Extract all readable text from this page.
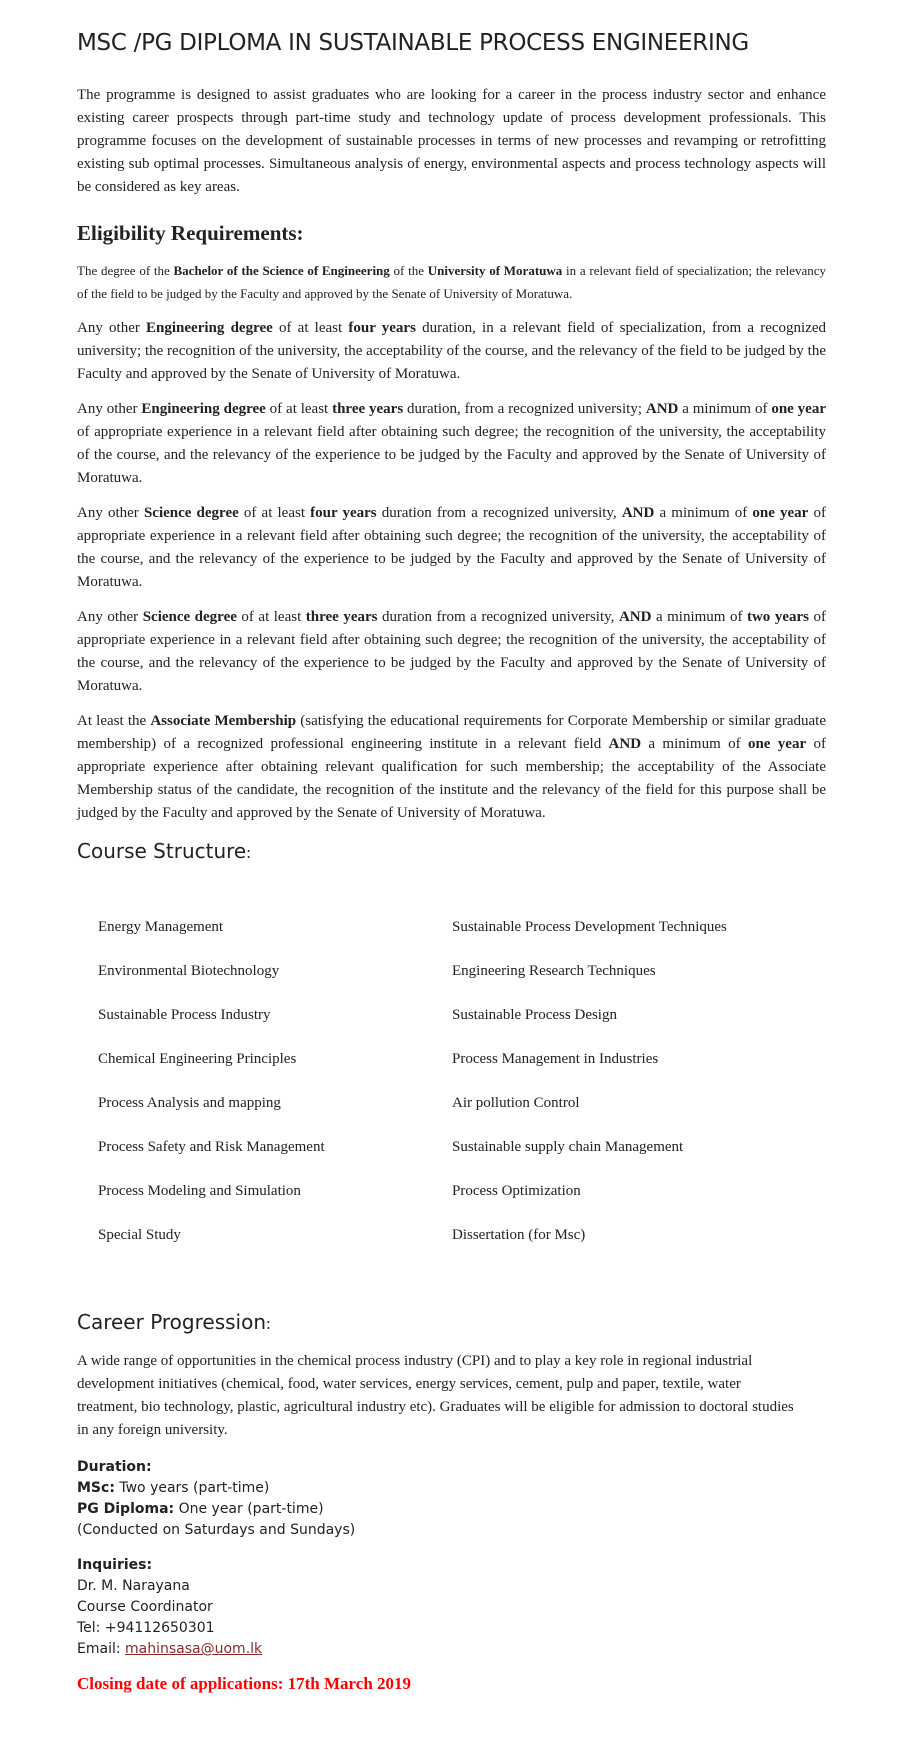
MSC /PG DIPLOMA IN SUSTAINABLE PROCESS ENGINEERING

The programme is designed to assist graduates who are looking for a career in the process industry sector and enhance existing career prospects through part-time study and technology update of process development professionals. This programme focuses on the development of sustainable processes in terms of new processes and revamping or retrofitting existing sub optimal processes. Simultaneous analysis of energy, environmental aspects and process technology aspects will be considered as key areas.

Eligibility Requirements:

The degree of the Bachelor of the Science of Engineering of the University of Moratuwa in a relevant field of specialization; the relevancy of the field to be judged by the Faculty and approved by the Senate of University of Moratuwa.

Any other Engineering degree of at least four years duration, in a relevant field of specialization, from a recognized university; the recognition of the university, the acceptability of the course, and the relevancy of the field to be judged by the Faculty and approved by the Senate of University of Moratuwa.

Any other Engineering degree of at least three years duration, from a recognized university; AND a minimum of one year of appropriate experience in a relevant field after obtaining such degree; the recognition of the university, the acceptability of the course, and the relevancy of the experience to be judged by the Faculty and approved by the Senate of University of Moratuwa.

Any other Science degree of at least four years duration from a recognized university, AND a minimum of one year of appropriate experience in a relevant field after obtaining such degree; the recognition of the university, the acceptability of the course, and the relevancy of the experience to be judged by the Faculty and approved by the Senate of University of Moratuwa.

Any other Science degree of at least three years duration from a recognized university, AND a minimum of two years of appropriate experience in a relevant field after obtaining such degree; the recognition of the university, the acceptability of the course, and the relevancy of the experience to be judged by the Faculty and approved by the Senate of University of Moratuwa.

At least the Associate Membership (satisfying the educational requirements for Corporate Membership or similar graduate membership) of a recognized professional engineering institute in a relevant field AND a minimum of one year of appropriate experience after obtaining relevant qualification for such membership; the acceptability of the Associate Membership status of the candidate, the recognition of the institute and the relevancy of the field for this purpose shall be judged by the Faculty and approved by the Senate of University of Moratuwa.

Course Structure:
Energy Management	Sustainable Process Development Techniques
Environmental Biotechnology	Engineering Research Techniques
Sustainable Process Industry	Sustainable Process Design
Chemical Engineering Principles	Process Management in Industries
Process Analysis and mapping	Air pollution Control
Process Safety and Risk Management	Sustainable supply chain Management
Process Modeling and Simulation	Process Optimization
Special Study	Dissertation (for Msc)
Career Progression:

A wide range of opportunities in the chemical process industry (CPI) and to play a key role in regional industrial development initiatives (chemical, food, water services, energy services, cement, pulp and paper, textile, water treatment, bio technology, plastic, agricultural industry etc). Graduates will be eligible for admission to doctoral studies in any foreign university.

Duration:
MSc: Two years (part-time)
PG Diploma: One year (part-time)
(Conducted on Saturdays and Sundays)
Inquiries:
Dr. M. Narayana
Course Coordinator
Tel: +94112650301
Email: mahinsasa@uom.lk
Closing date of applications: 17th March 2019
